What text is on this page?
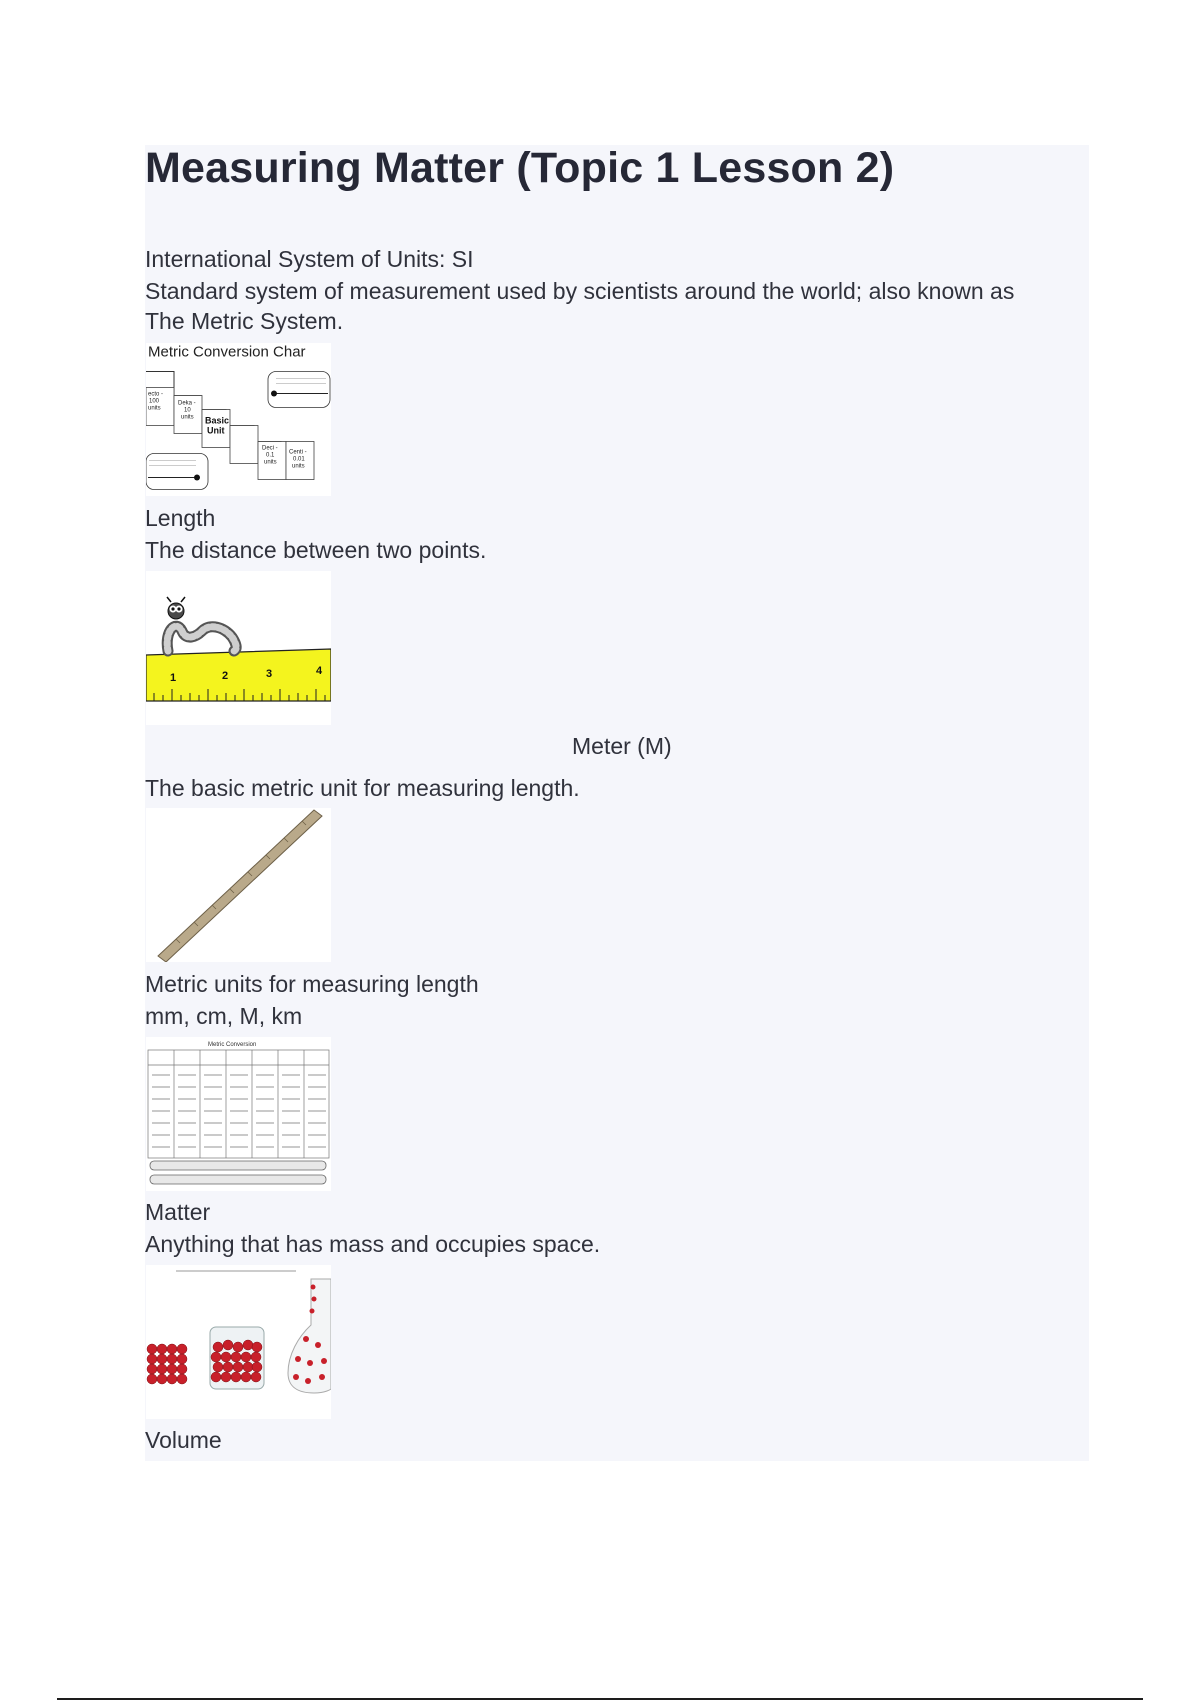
Measuring Matter (Topic 1 Lesson 2)
International System of Units: SI
Standard system of measurement used by scientists around the world; also known as
The Metric System.
Metric Conversion Char
ecto -
100
units
Deka -
10
units
Deci -
0.1
units
Centi -
0.01
units
Basic
Unit
Length
The distance between two points.
1	2	3	4
Meter (M)
The basic metric unit for measuring length.
Metric units for measuring length
mm, cm, M, km
Metric Conversion
Matter
Anything that has mass and occupies space.
Volume
